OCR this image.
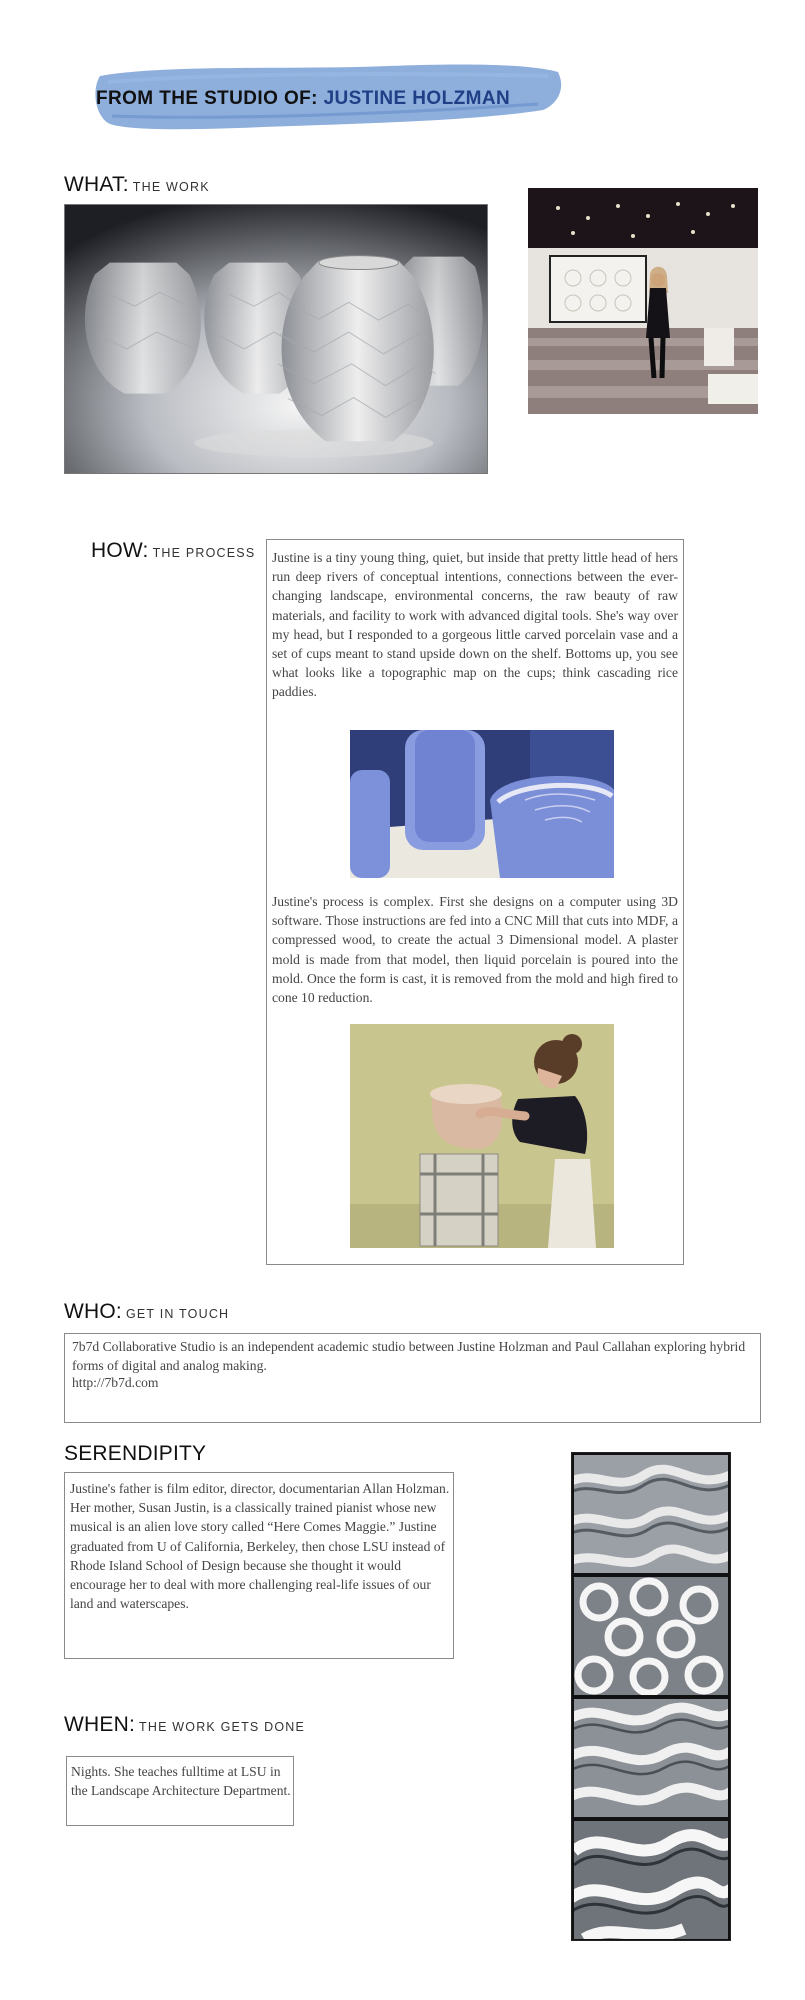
FROM THE STUDIO OF: JUSTINE HOLZMAN
WHAT: THE WORK
HOW: THE PROCESS Justine is a tiny young thing, quiet, but inside that pretty little head of hers run deep rivers of conceptual intentions, connections between the ever-changing landscape, environmental concerns, the raw beauty of raw materials, and facility to work with advanced digital tools. She's way over my head, but I responded to a gorgeous little carved porcelain vase and a set of cups meant to stand upside down on the shelf. Bottoms up, you see what looks like a topographic map on the cups; think cascading rice paddies.
Justine's process is complex. First she designs on a computer using 3D software. Those instructions are fed into a CNC Mill that cuts into MDF, a compressed wood, to create the actual 3 Dimensional model. A plaster mold is made from that model, then liquid porcelain is poured into the mold. Once the form is cast, it is removed from the mold and high fired to cone 10 reduction.
WHO: GET IN TOUCH
7b7d Collaborative Studio is an independent academic studio between Justine Holzman and Paul Callahan exploring hybrid forms of digital and analog making.
http://7b7d.com
SERENDIPITY
Justine's father is film editor, director, documentarian Allan Holzman. Her mother, Susan Justin, is a classically trained pianist whose new musical is an alien love story called “Here Comes Maggie.” Justine graduated from U of California, Berkeley, then chose LSU instead of Rhode Island School of Design because she thought it would encourage her to deal with more challenging real-life issues of our land and waterscapes.
WHEN: THE WORK GETS DONE
Nights. She teaches fulltime at LSU in the Landscape Architecture Department.
